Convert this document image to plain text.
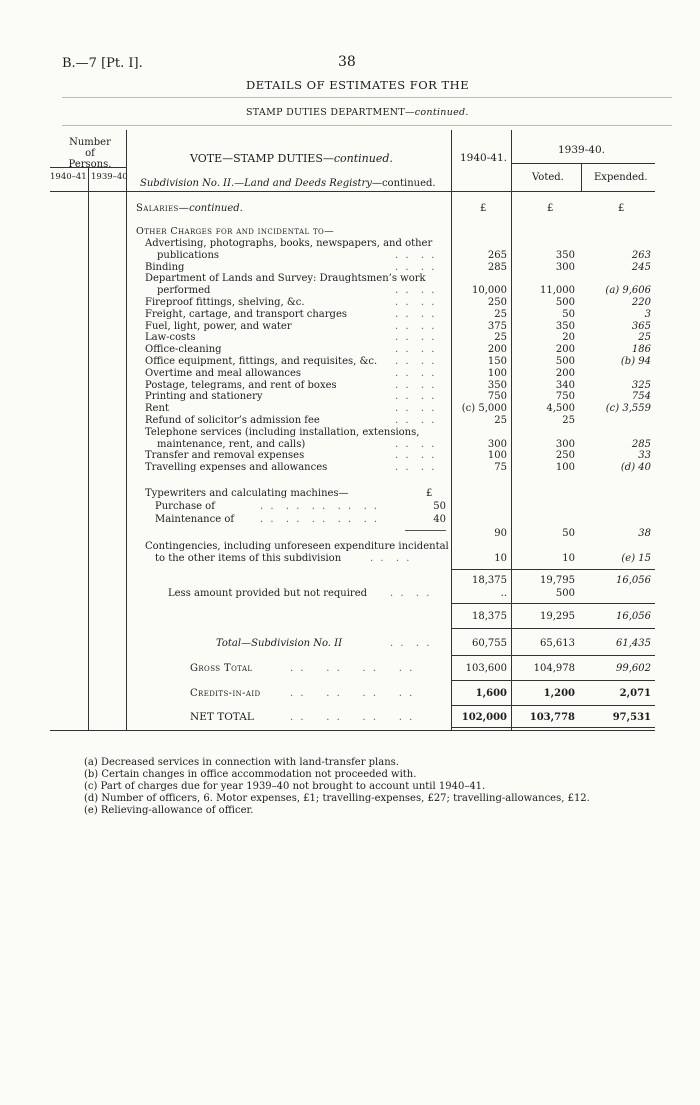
B.—7 [Pt. I].	38
DETAILS OF ESTIMATES FOR THE
STAMP DUTIES DEPARTMENT—continued.
Number of Persons.
1940–41 1939–40
VOTE—STAMP DUTIES—continued.	1940-41.
1939-40.
Voted.	Expended.
Subdivision No. II.—Land and Deeds Registry—continued.
Salaries—continued.	£	£	£
Other Charges for and incidental to—
Advertising, photographs, books, newspapers, and other
publications	. .  . .	265	350	263
Binding	. .  . .	285	300	245
Department of Lands and Survey: Draughtsmen’s work
performed	. .  . .	10,000	11,000	(a) 9,606
Fireproof fittings, shelving, &c.	. .  . .	250	500	220
Freight, cartage, and transport charges	. .  . .	25	50	3
Fuel, light, power, and water	. .  . .	375	350	365
Law-costs	. .  . .	25	20	25
Office-cleaning	. .  . .	200	200	186
Office equipment, fittings, and requisites, &c. . .  . .	150	500	(b) 94
Overtime and meal allowances	. .  . .	100	200
Postage, telegrams, and rent of boxes	. .  . .	350	340	325
Printing and stationery	. .  . .	750	750	754
Rent	. .  . .	(c) 5,000	4,500	(c) 3,559
Refund of solicitor’s admission fee	. .  . .	25	25
Telephone services (including installation, extensions,
maintenance, rent, and calls)	. .  . .	300	300	285
Transfer and removal expenses	. .  . .	100	250	33
Travelling expenses and allowances	. .  . .	75	100	(d) 40
Typewriters and calculating machines—	£
Purchase of	. .  . .  . .  . .  . .	50
Maintenance of	. .  . .  . .  . .  . .	40
90	50	38
Contingencies, including unforeseen expenditure incidental
to the other items of this subdivision	. .  . .	10	10	(e) 15
18,375	19,795	16,056
Less amount provided but not required . .  . .	..	500
18,375	19,295	16,056
Total—Subdivision No. II	. .  . .	60,755	65,613	61,435
Gross Total	. .    . .    . .    . .	103,600	104,978	99,602
Credits-in-aid	. .    . .    . .    . .	1,600	1,200	2,071
NET TOTAL	. .    . .    . .    . .	102,000	103,778	97,531
(a) Decreased services in connection with land-transfer plans.
(b) Certain changes in office accommodation not proceeded with.
(c) Part of charges due for year 1939–40 not brought to account until 1940–41.
(d) Number of officers, 6. Motor expenses, £1; travelling-expenses, £27; travelling-allowances, £12.
(e) Relieving-allowance of officer.
